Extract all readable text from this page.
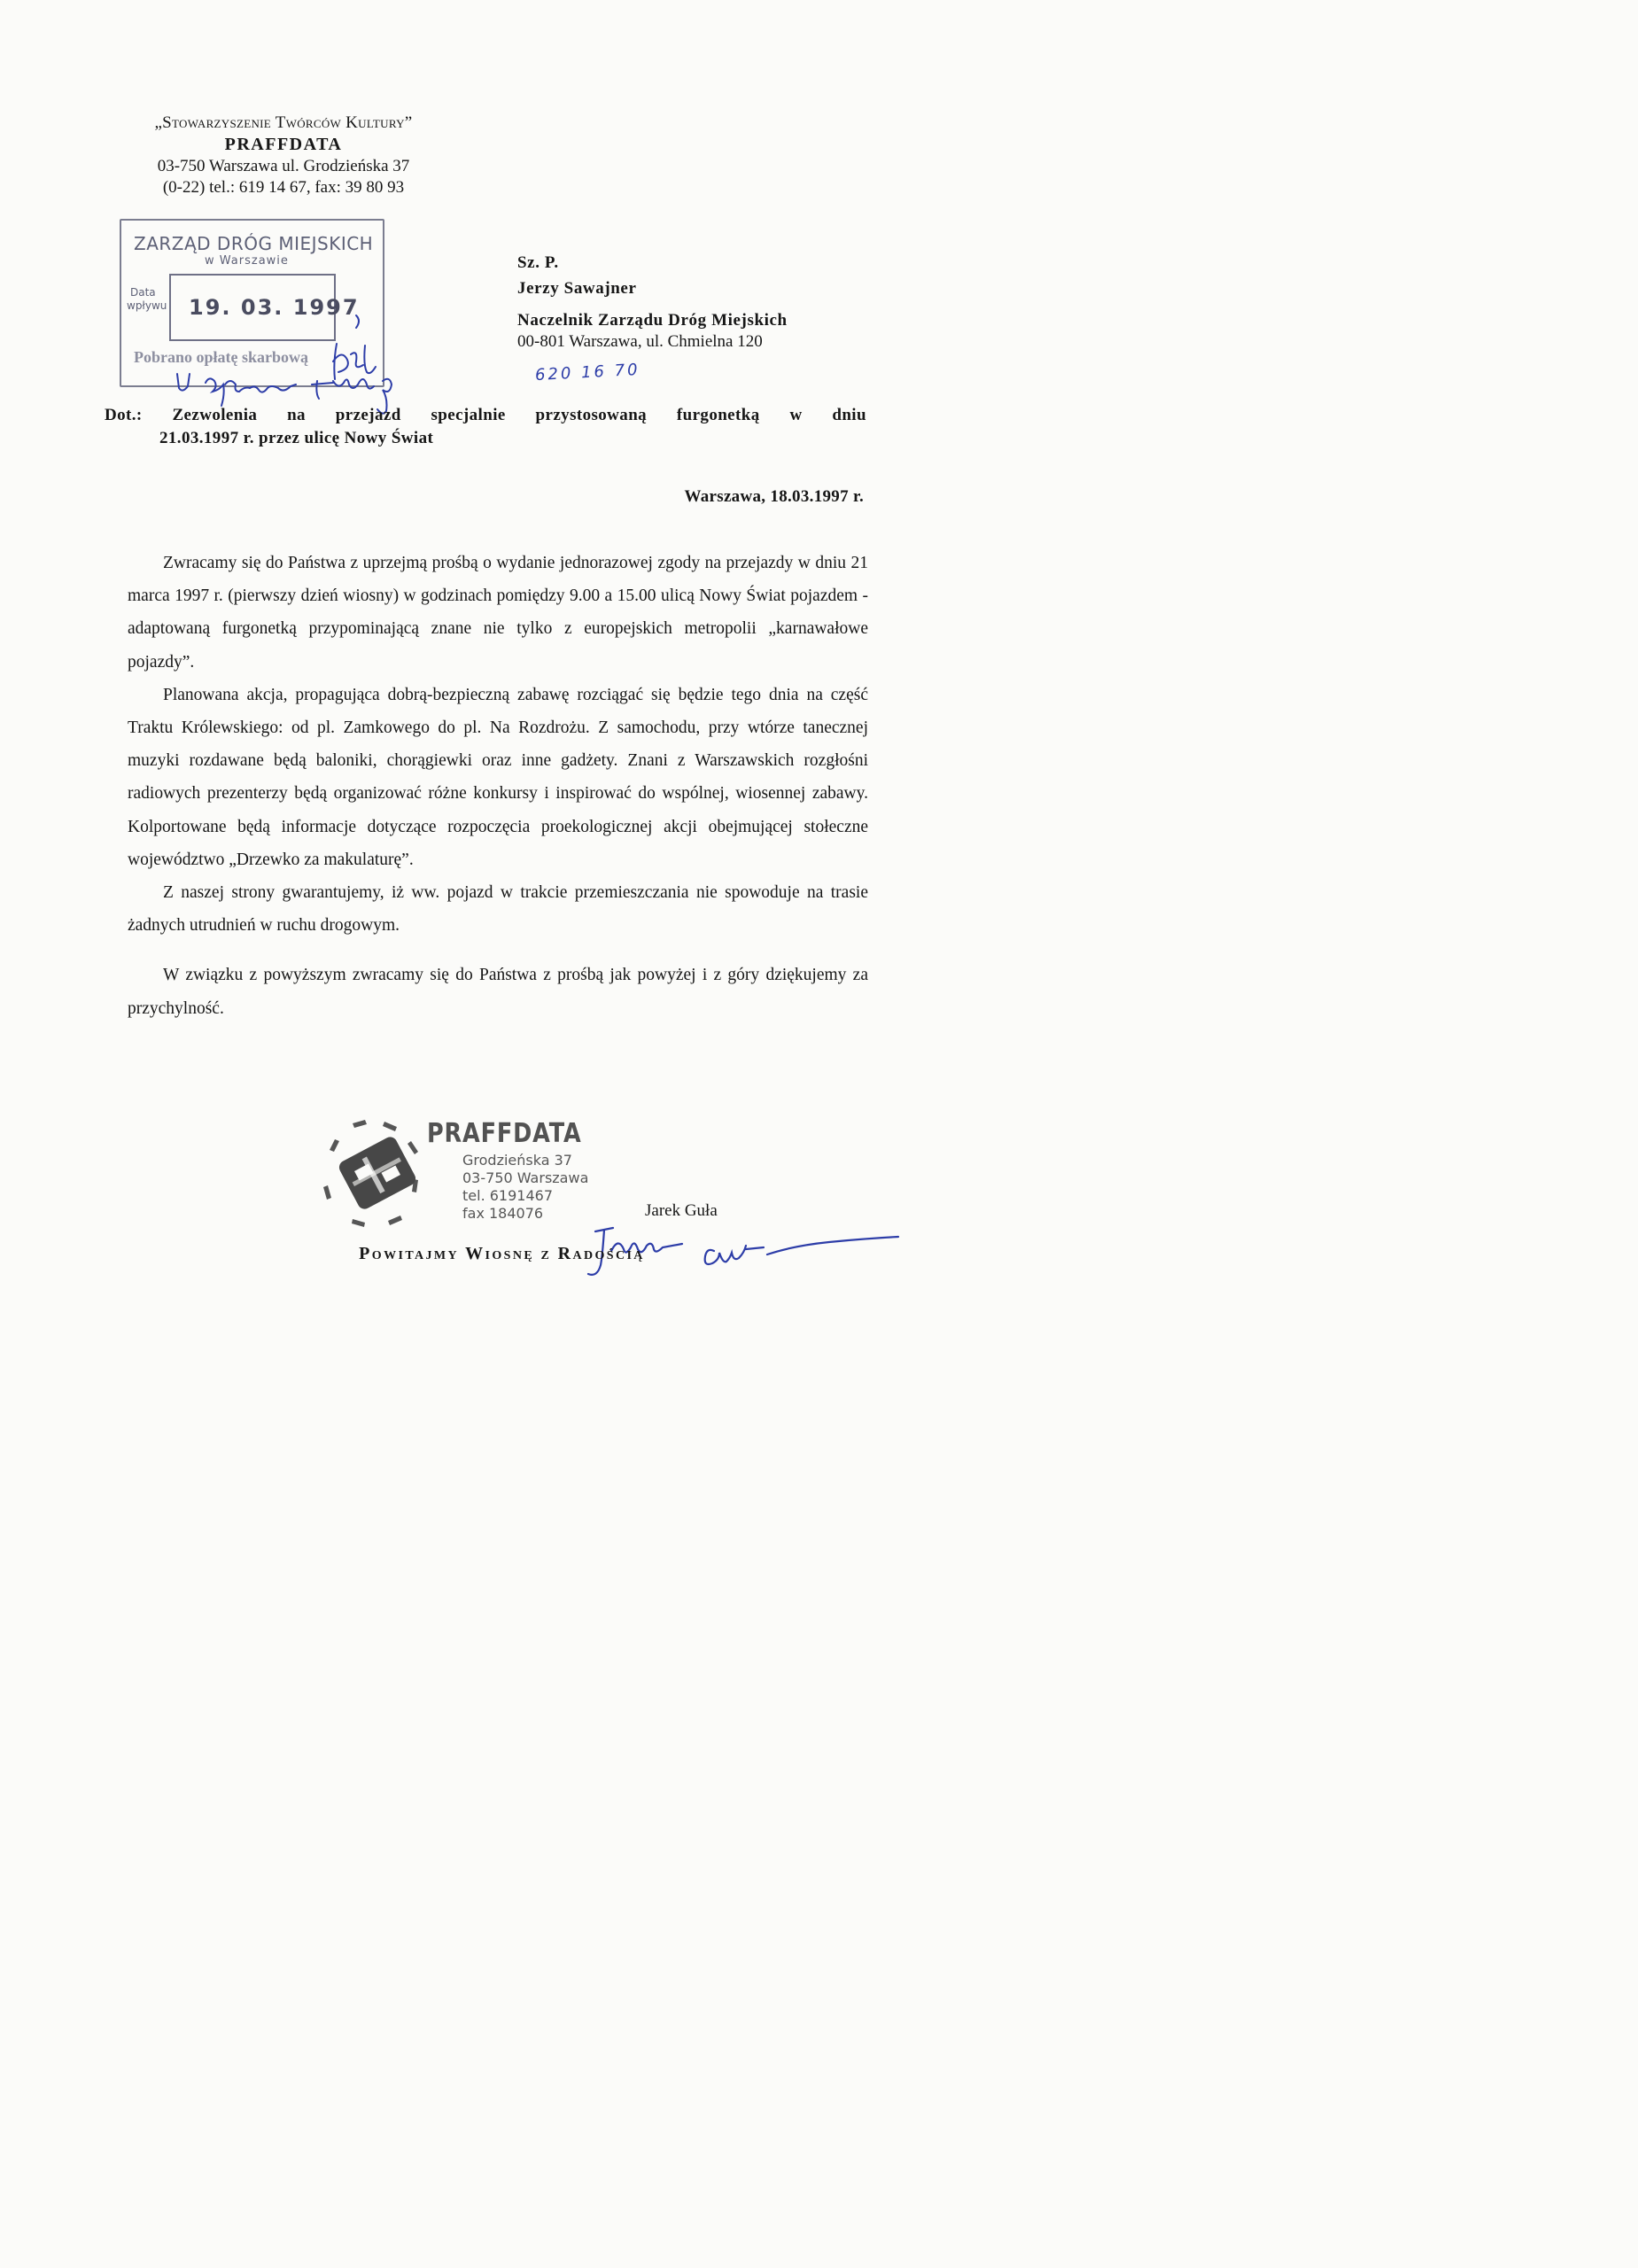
„Stowarzyszenie Twórców Kultury”
PRAFFDATA
03-750 Warszawa ul. Grodzieńska 37
(0-22) tel.: 619 14 67, fax: 39 80 93
ZARZĄD DRÓG MIEJSKICH
w Warszawie
Data
wpływu 19. 03. 1997
Pobrano opłatę skarbową
Sz. P.
Jerzy Sawajner
Naczelnik Zarządu Dróg Miejskich
00-801 Warszawa, ul. Chmielna 120
620 16 70
Dot.: Zezwolenia na przejazd specjalnie przystosowaną furgonetką w dniu
21.03.1997 r. przez ulicę Nowy Świat
Warszawa, 18.03.1997 r.

Zwracamy się do Państwa z uprzejmą prośbą o wydanie jednorazowej zgody na przejazdy w dniu 21 marca 1997 r. (pierwszy dzień wiosny) w godzinach pomiędzy 9.00 a 15.00 ulicą Nowy Świat pojazdem - adaptowaną furgonetką przypominającą znane nie tylko z europejskich metropolii „karnawałowe pojazdy”.

Planowana akcja, propagująca dobrą-bezpieczną zabawę rozciągać się będzie tego dnia na część Traktu Królewskiego: od pl. Zamkowego do pl. Na Rozdrożu. Z samochodu, przy wtórze tanecznej muzyki rozdawane będą baloniki, chorągiewki oraz inne gadżety. Znani z Warszawskich rozgłośni radiowych prezenterzy będą organizować różne konkursy i inspirować do wspólnej, wiosennej zabawy. Kolportowane będą informacje dotyczące rozpoczęcia proekologicznej akcji obejmującej stołeczne województwo „Drzewko za makulaturę”.

Z naszej strony gwarantujemy, iż ww. pojazd w trakcie przemieszczania nie spowoduje na trasie żadnych utrudnień w ruchu drogowym.

W związku z powyższym zwracamy się do Państwa z prośbą jak powyżej i z góry dziękujemy za przychylność.

PRAFFDATA
Grodzieńska 37
03-750 Warszawa
tel. 6191467
fax 184076	Jarek Guła
Powitajmy Wiosnę z Radością
